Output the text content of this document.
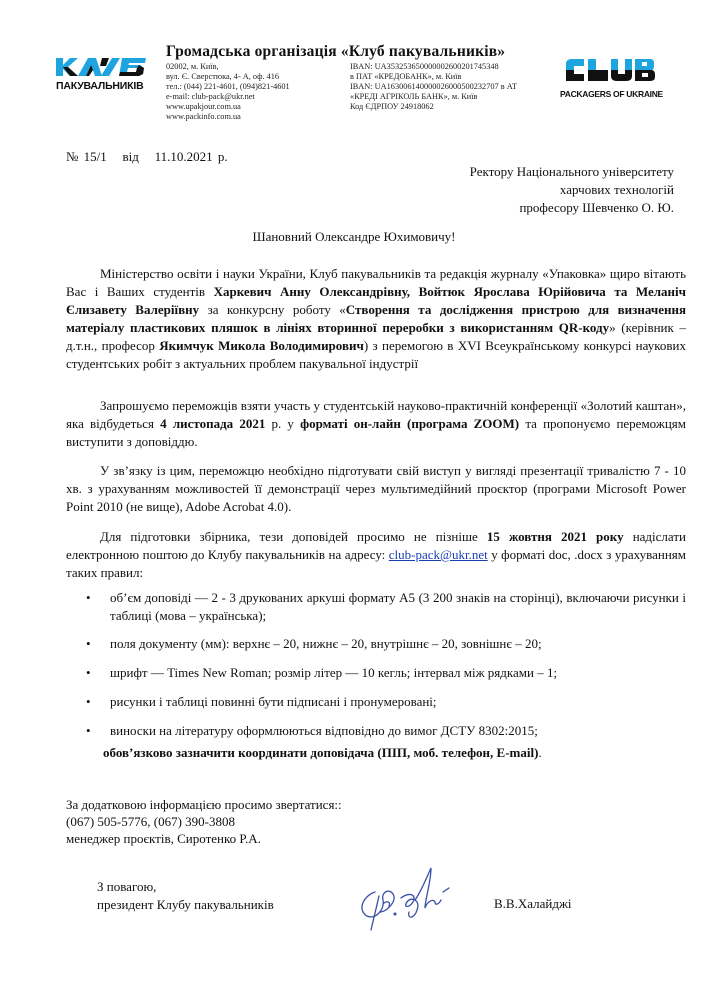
ПАКУВАЛЬНИКІВ
Громадська організація «Клуб пакувальників»
02002, м. Київ,
вул. Є. Сверстюка, 4- А, оф. 416
тел.: (044) 221-4601, (094)821-4601
e-mail: club-pack@ukr.net
www.upakjour.com.ua
www.packinfo.com.ua
IBAN: UA353253650000002600201745348
в ПАТ «КРЕДОБАНК», м. Київ
IBAN: UA163006140000026000500232707 в АТ
«КРЕДІ АГРІКОЛЬ БАНК», м. Київ
Код ЄДРПОУ 24918062
PACKAGERS OF UKRAINE
№ 15/1 від 11.10.2021 р.
Ректору Національного університету
харчових технологій
професору Шевченко О. Ю.
Шановний Олександре Юхимовичу!

Міністерство освіти і науки України, Клуб пакувальників та редакція журналу «Упаковка» щиро вітають Вас і Ваших студентів Харкевич Анну Олександрівну, Войтюк Ярослава Юрійовича та Меланіч Єлизавету Валеріївну за конкурсну роботу «Створення та дослідження пристрою для визначення матеріалу пластикових пляшок в лініях вторинної переробки з використанням QR-коду» (керівник – д.т.н., професор Якимчук Микола Володимирович) з перемогою в XVI Всеукраїнському конкурсі наукових студентських робіт з актуальних проблем пакувальної індустрії

Запрошуємо переможців взяти участь у студентській науково-практичній конференції «Золотий каштан», яка відбудеться 4 листопада 2021 р. у форматі он-лайн (програма ZOOM) та пропонуємо переможцям виступити з доповіддю.

У зв’язку із цим, переможцю необхідно підготувати свій виступ у вигляді презентації тривалістю 7 - 10 хв. з урахуванням можливостей її демонстрації через мультимедійний проєктор (програми Microsoft Power Point 2010 (не вище), Adobe Acrobat 4.0).

Для підготовки збірника, тези доповідей просимо не пізніше 15 жовтня 2021 року надіслати електронною поштою до Клубу пакувальників на адресу: club-pack@ukr.net у форматі doc, .docx з урахуванням таких правил:

• об’єм доповіді — 2 - 3 друкованих аркуші формату А5 (3 200 знаків на сторінці), включаючи рисунки і таблиці (мова – українська);
• поля документу (мм): верхнє – 20, нижнє – 20, внутрішнє – 20, зовнішнє – 20;
• шрифт — Times New Roman; розмір літер — 10 кегль; інтервал між рядками – 1;
• рисунки і таблиці повинні бути підписані і пронумеровані;
• виноски на літературу оформлюються відповідно до вимог ДСТУ 8302:2015;
обов’язково зазначити координати доповідача (ПІП, моб. телефон, E-mail).
За додатковою інформацією просимо звертатися::
(067) 505-5776, (067) 390-3808
менеджер проєктів, Сиротенко Р.А.
З повагою,
президент Клубу пакувальників	В.В.Халайджі
